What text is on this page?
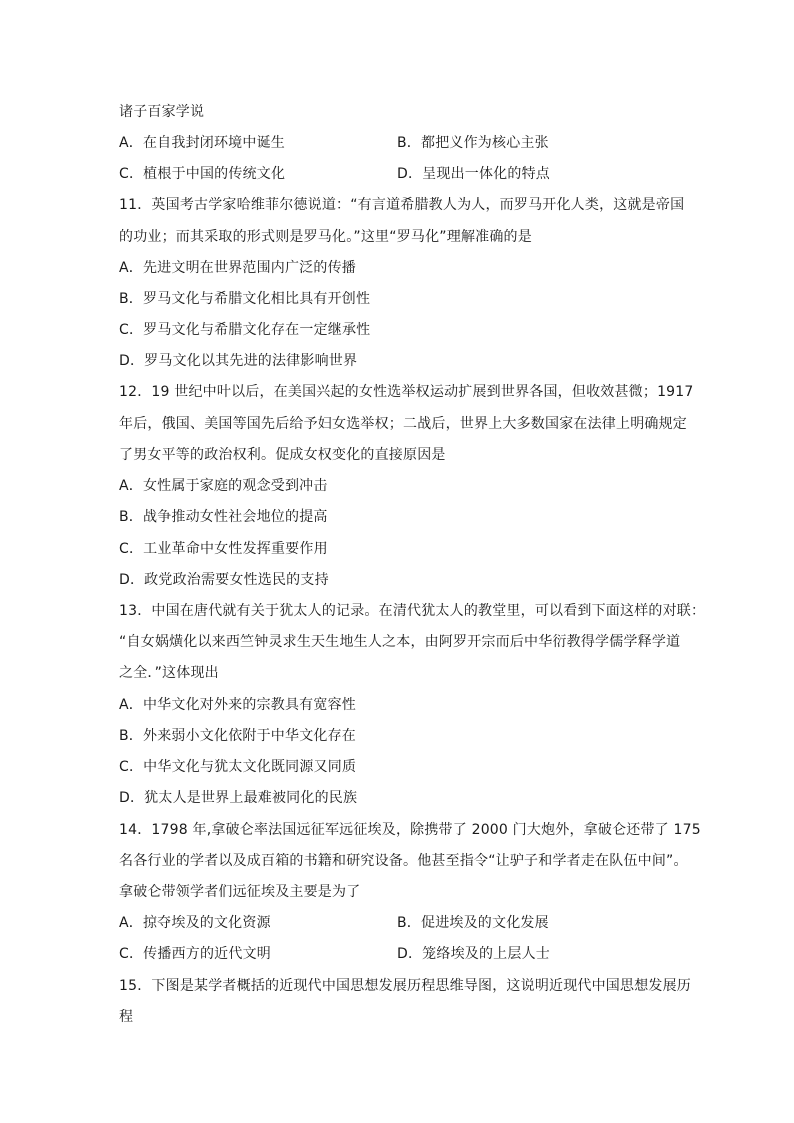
诸子百家学说
A．在自我封闭环境中诞生	B．都把义作为核心主张
C．植根于中国的传统文化	D．呈现出一体化的特点
11．英国考古学家哈维菲尔德说道：“有言道希腊教人为人，而罗马开化人类，这就是帝国
的功业；而其采取的形式则是罗马化。”这里“罗马化”理解准确的是
A．先进文明在世界范围内广泛的传播
B．罗马文化与希腊文化相比具有开创性
C．罗马文化与希腊文化存在一定继承性
D．罗马文化以其先进的法律影响世界
12．19 世纪中叶以后，在美国兴起的女性选举权运动扩展到世界各国，但收效甚微；1917
年后，俄国、美国等国先后给予妇女选举权；二战后，世界上大多数国家在法律上明确规定
了男女平等的政治权利。促成女权变化的直接原因是
A．女性属于家庭的观念受到冲击
B．战争推动女性社会地位的提高
C．工业革命中女性发挥重要作用
D．政党政治需要女性选民的支持
13．中国在唐代就有关于犹太人的记录。在清代犹太人的教堂里，可以看到下面这样的对联：
“自女娲熿化以来西竺钟灵求生天生地生人之本，由阿罗开宗而后中华衍教得学儒学释学道
之全．”这体现出
A．中华文化对外来的宗教具有宽容性
B．外来弱小文化依附于中华文化存在
C．中华文化与犹太文化既同源又同质
D．犹太人是世界上最难被同化的民族
14．1798 年,拿破仑率法国远征军远征埃及，除携带了 2000 门大炮外，拿破仑还带了 175
名各行业的学者以及成百箱的书籍和研究设备。他甚至指令“让驴子和学者走在队伍中间”。
拿破仑带领学者们远征埃及主要是为了
A．掠夺埃及的文化资源	B．促进埃及的文化发展
C．传播西方的近代文明	D．笼络埃及的上层人士
15．下图是某学者概括的近现代中国思想发展历程思维导图，这说明近现代中国思想发展历
程
